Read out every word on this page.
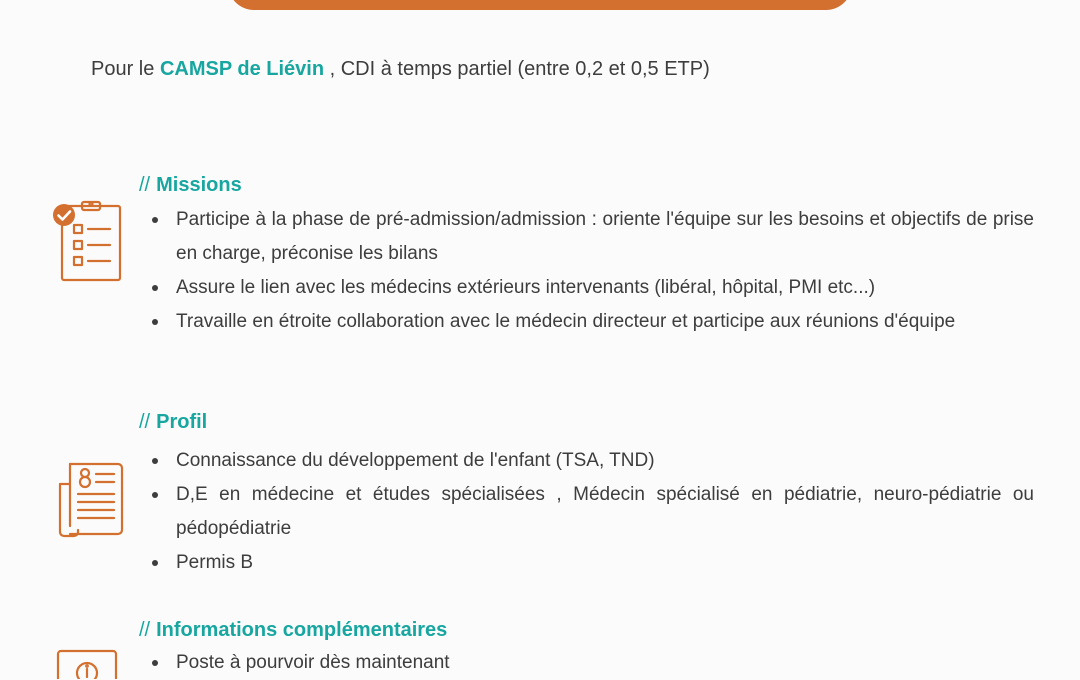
Pour le CAMSP de Liévin , CDI à temps partiel (entre 0,2 et 0,5 ETP)
// Missions
Participe à la phase de pré-admission/admission : oriente l'équipe sur les besoins et objectifs de prise en charge, préconise les bilans
Assure le lien avec les médecins extérieurs intervenants (libéral, hôpital, PMI etc...)
Travaille en étroite collaboration avec le médecin directeur et participe aux réunions d'équipe
// Profil
Connaissance du développement de l'enfant (TSA, TND)
D,E en médecine et études spécialisées , Médecin spécialisé en pédiatrie, neuro-pédiatrie ou pédopédiatrie
Permis B
// Informations complémentaires
Poste à pourvoir dès maintenant
